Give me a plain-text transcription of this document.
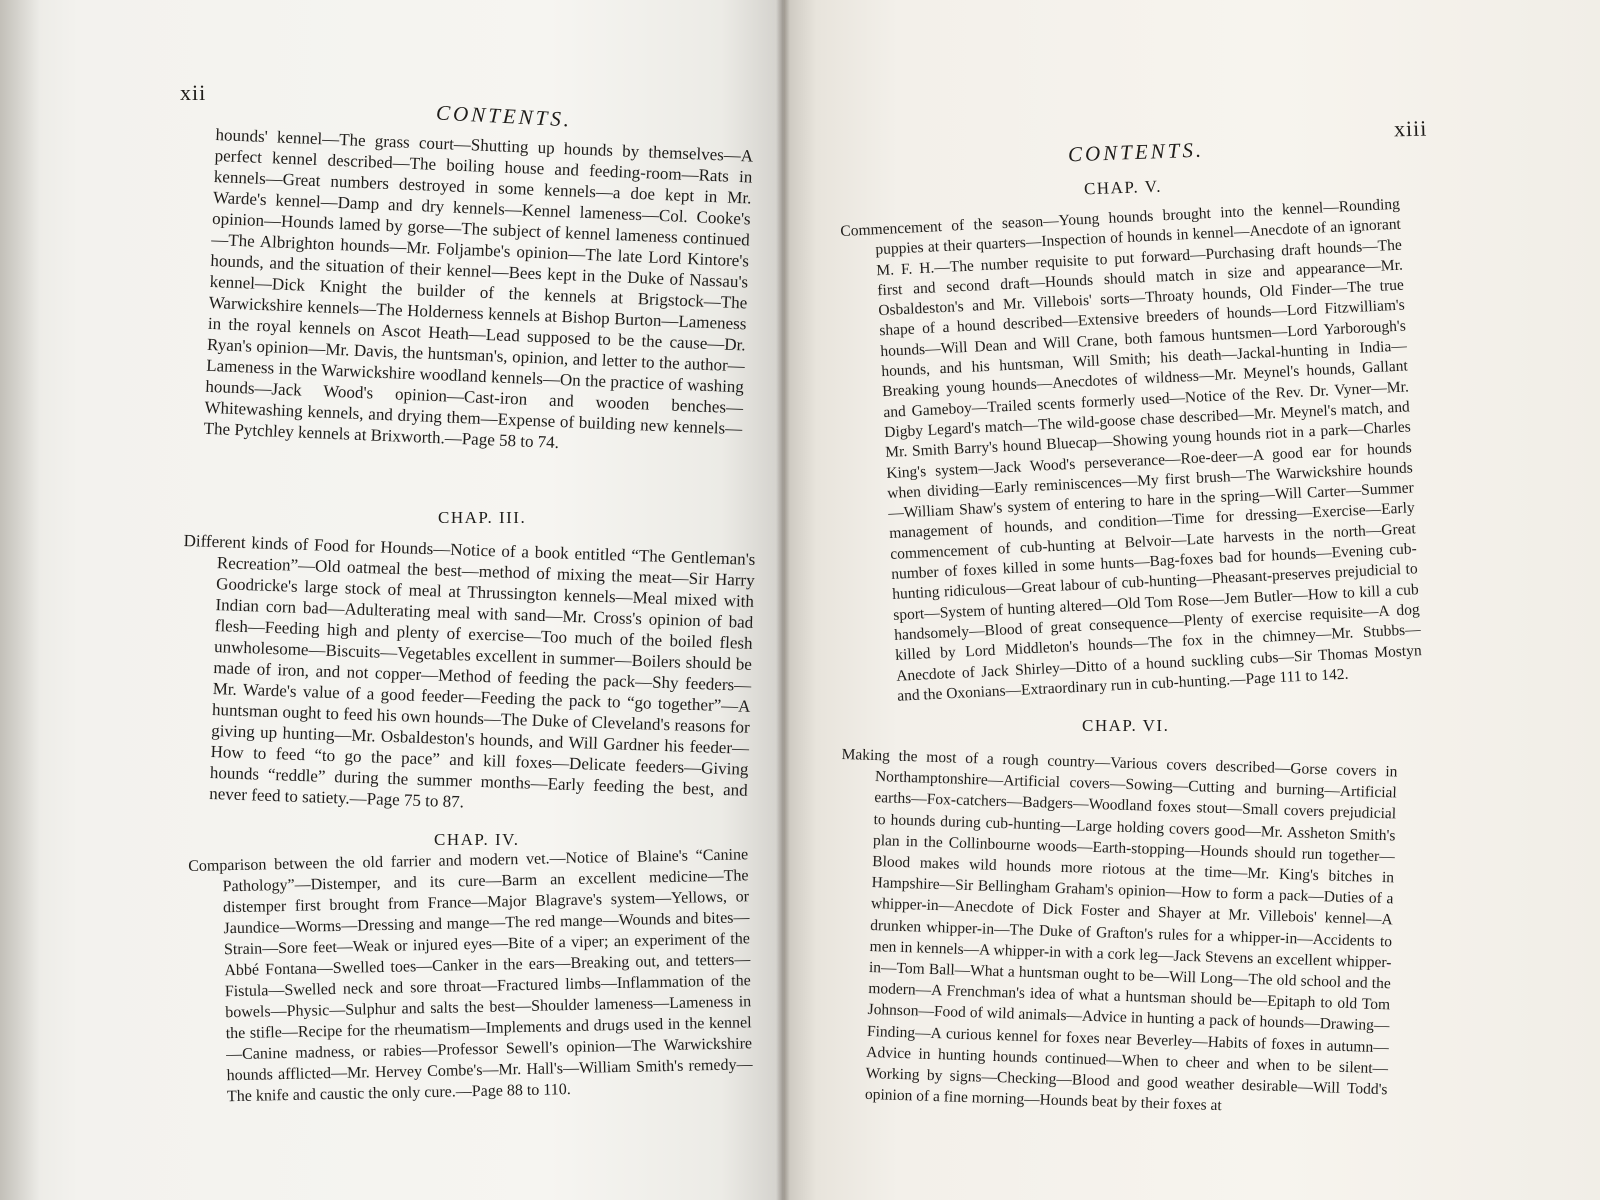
xii
CONTENTS.
hounds' kennel—The grass court—Shutting up hounds by themselves—A perfect kennel described—The boiling house and feeding-room—Rats in kennels—Great numbers destroyed in some kennels—a doe kept in Mr. Warde's kennel—Damp and dry kennels—Kennel lameness—Col. Cooke's opinion—Hounds lamed by gorse—The subject of kennel lameness continued—The Albrighton hounds—Mr. Foljambe's opinion—The late Lord Kintore's hounds, and the situation of their kennel—Bees kept in the Duke of Nassau's kennel—Dick Knight the builder of the kennels at Brigstock—The Warwickshire kennels—The Holderness kennels at Bishop Burton—Lameness in the royal kennels on Ascot Heath—Lead supposed to be the cause—Dr. Ryan's opinion—Mr. Davis, the huntsman's, opinion, and letter to the author—Lameness in the Warwickshire woodland kennels—On the practice of washing hounds—Jack Wood's opinion—Cast-iron and wooden benches—Whitewashing kennels, and drying them—Expense of building new kennels—The Pytchley kennels at Brixworth.—Page 58 to 74.
CHAP. III.
Different kinds of Food for Hounds—Notice of a book entitled “The Gentleman's Recreation”—Old oatmeal the best—method of mixing the meat—Sir Harry Goodricke's large stock of meal at Thrussington kennels—Meal mixed with Indian corn bad—Adulterating meal with sand—Mr. Cross's opinion of bad flesh—Feeding high and plenty of exercise—Too much of the boiled flesh unwholesome—Biscuits—Vegetables excellent in summer—Boilers should be made of iron, and not copper—Method of feeding the pack—Shy feeders—Mr. Warde's value of a good feeder—Feeding the pack to “go together”—A huntsman ought to feed his own hounds—The Duke of Cleveland's reasons for giving up hunting—Mr. Osbaldeston's hounds, and Will Gardner his feeder—How to feed “to go the pace” and kill foxes—Delicate feeders—Giving hounds “reddle” during the summer months—Early feeding the best, and never feed to satiety.—Page 75 to 87.
CHAP. IV.
Comparison between the old farrier and modern vet.—Notice of Blaine's “Canine Pathology”—Distemper, and its cure—Barm an excellent medicine—The distemper first brought from France—Major Blagrave's system—Yellows, or Jaundice—Worms—Dressing and mange—The red mange—Wounds and bites—Strain—Sore feet—Weak or injured eyes—Bite of a viper; an experiment of the Abbé Fontana—Swelled toes—Canker in the ears—Breaking out, and tetters—Fistula—Swelled neck and sore throat—Fractured limbs—Inflammation of the bowels—Physic—Sulphur and salts the best—Shoulder lameness—Lameness in the stifle—Recipe for the rheumatism—Implements and drugs used in the kennel—Canine madness, or rabies—Professor Sewell's opinion—The Warwickshire hounds afflicted—Mr. Hervey Combe's—Mr. Hall's—William Smith's remedy—The knife and caustic the only cure.—Page 88 to 110.
xiii
CONTENTS.
CHAP. V.
Commencement of the season—Young hounds brought into the kennel—Rounding puppies at their quarters—Inspection of hounds in kennel—Anecdote of an ignorant M. F. H.—The number requisite to put forward—Purchasing draft hounds—The first and second draft—Hounds should match in size and appearance—Mr. Osbaldeston's and Mr. Villebois' sorts—Throaty hounds, Old Finder—The true shape of a hound described—Extensive breeders of hounds—Lord Fitzwilliam's hounds—Will Dean and Will Crane, both famous huntsmen—Lord Yarborough's hounds, and his huntsman, Will Smith; his death—Jackal-hunting in India—Breaking young hounds—Anecdotes of wildness—Mr. Meynel's hounds, Gallant and Gameboy—Trailed scents formerly used—Notice of the Rev. Dr. Vyner—Mr. Digby Legard's match—The wild-goose chase described—Mr. Meynel's match, and Mr. Smith Barry's hound Bluecap—Showing young hounds riot in a park—Charles King's system—Jack Wood's perseverance—Roe-deer—A good ear for hounds when dividing—Early reminiscences—My first brush—The Warwickshire hounds—William Shaw's system of entering to hare in the spring—Will Carter—Summer management of hounds, and condition—Time for dressing—Exercise—Early commencement of cub-hunting at Belvoir—Late harvests in the north—Great number of foxes killed in some hunts—Bag-foxes bad for hounds—Evening cub-hunting ridiculous—Great labour of cub-hunting—Pheasant-preserves prejudicial to sport—System of hunting altered—Old Tom Rose—Jem Butler—How to kill a cub handsomely—Blood of great consequence—Plenty of exercise requisite—A dog killed by Lord Middleton's hounds—The fox in the chimney—Mr. Stubbs—Anecdote of Jack Shirley—Ditto of a hound suckling cubs—Sir Thomas Mostyn and the Oxonians—Extraordinary run in cub-hunting.—Page 111 to 142.
CHAP. VI.
Making the most of a rough country—Various covers described—Gorse covers in Northamptonshire—Artificial covers—Sowing—Cutting and burning—Artificial earths—Fox-catchers—Badgers—Woodland foxes stout—Small covers prejudicial to hounds during cub-hunting—Large holding covers good—Mr. Assheton Smith's plan in the Collinbourne woods—Earth-stopping—Hounds should run together—Blood makes wild hounds more riotous at the time—Mr. King's bitches in Hampshire—Sir Bellingham Graham's opinion—How to form a pack—Duties of a whipper-in—Anecdote of Dick Foster and Shayer at Mr. Villebois' kennel—A drunken whipper-in—The Duke of Grafton's rules for a whipper-in—Accidents to men in kennels—A whipper-in with a cork leg—Jack Stevens an excellent whipper-in—Tom Ball—What a huntsman ought to be—Will Long—The old school and the modern—A Frenchman's idea of what a huntsman should be—Epitaph to old Tom Johnson—Food of wild animals—Advice in hunting a pack of hounds—Drawing—Finding—A curious kennel for foxes near Beverley—Habits of foxes in autumn—Advice in hunting hounds continued—When to cheer and when to be silent—Working by signs—Checking—Blood and good weather desirable—Will Todd's opinion of a fine morning—Hounds beat by their foxes at
